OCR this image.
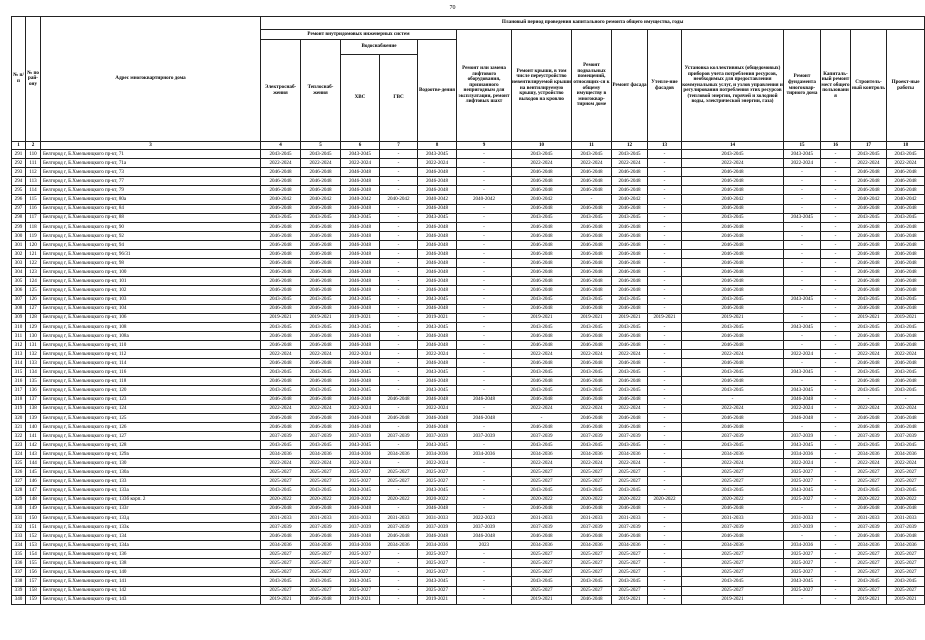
70
№ п/п	№ по рай-ону	Адрес многоквартирного дома	Плановый период проведения капитального ремонта общего имущества, годы														
			Ремонт внутридомовых инженерных систем					Ремонт или замена лифтового оборудования, признанного непригодным для эксплуатации, ремонт лифтовых шахт	Ремонт крыши, в том числе переустройство невентилируемой крыши на вентилируемую крышу, устройство выходов на кровлю	Ремонт подвальных помещений, относящих-ся к общему имуществу в многоквар-тирном доме	Ремонт фасада	Утепле-ние фасадов	Установка коллективных (общедомовых) приборов учета потребления ресурсов, необходимых для предоставления коммунальных услуг, и узлов управления и регулирования потребления этих ресурсов (тепловой энергии, горячей и холодной воды, электрической энергии, газа)	Ремонт фундамента многоквар-тирного дома	Капиталь-ный ремонт мест общего пользовани я	Строитель-ный контроль	Проект-ные работы
			Электроснаб-жения	Теплоснаб-жения	Водоснабжение		Водоотве-дения										
					ХВС	ГВС											
1	2	3	4	5	6	7	8	9	10	11	12	13	14	15	16	17	18
291	110	Белгород г, Б.Хмельницкого пр-кт, 71	2043-2045	2043-2045	2043-2045	-	2043-2045	-	2043-2045	2043-2045	2043-2045	-	2043-2045	2043-2045	-	2043-2045	2043-2045
292	111	Белгород г, Б.Хмельницкого пр-кт, 71а	2022-2024	2022-2024	2022-2024	-	2022-2024	-	2022-2024	2022-2024	2022-2024	-	2022-2024	2022-2024	-	2022-2024	2022-2024
293	112	Белгород г, Б.Хмельницкого пр-кт, 73	2046-2048	2046-2048	2046-2048	-	2046-2048	-	2046-2048	2046-2048	2046-2048	-	2046-2048	-	-	2046-2048	2046-2048
294	113	Белгород г, Б.Хмельницкого пр-кт, 77	2046-2048	2046-2048	2046-2048	-	2046-2048	-	2046-2048	2046-2048	2046-2048	-	2046-2048	-	-	2046-2048	2046-2048
295	114	Белгород г, Б.Хмельницкого пр-кт, 79	2046-2048	2046-2048	2046-2048	-	2046-2048	-	2046-2048	2046-2048	2046-2048	-	2046-2048	-	-	2046-2048	2046-2048
296	115	Белгород г, Б.Хмельницкого пр-кт, 80а	2040-2042	2040-2042	2040-2042	2040-2042	2040-2042	2040-2042	2040-2042	-	2040-2042	-	2040-2042	-	-	2040-2042	2040-2042
297	116	Белгород г, Б.Хмельницкого пр-кт, 84	2046-2048	2046-2048	2046-2048	-	2046-2048	-	2046-2048	2046-2048	2046-2048	-	2046-2048	-	-	2046-2048	2046-2048
298	117	Белгород г, Б.Хмельницкого пр-кт, 88	2043-2045	2043-2045	2043-2045	-	2043-2045	-	2043-2045	2043-2045	2043-2045	-	2043-2045	2043-2045	-	2043-2045	2043-2045
299	118	Белгород г, Б.Хмельницкого пр-кт, 90	2046-2048	2046-2048	2046-2048	-	2046-2048	-	2046-2048	2046-2048	2046-2048	-	2046-2048	-	-	2046-2048	2046-2048
300	119	Белгород г, Б.Хмельницкого пр-кт, 92	2046-2048	2046-2048	2046-2048	-	2046-2048	-	2046-2048	2046-2048	2046-2048	-	2046-2048	-	-	2046-2048	2046-2048
301	120	Белгород г, Б.Хмельницкого пр-кт, 94	2046-2048	2046-2048	2046-2048	-	2046-2048	-	2046-2048	2046-2048	2046-2048	-	2046-2048	-	-	2046-2048	2046-2048
302	121	Белгород г, Б.Хмельницкого пр-кт, 96/31	2046-2048	2046-2048	2046-2048	-	2046-2048	-	2046-2048	2046-2048	2046-2048	-	2046-2048	-	-	2046-2048	2046-2048
303	122	Белгород г, Б.Хмельницкого пр-кт, 98	2046-2048	2046-2048	2046-2048	-	2046-2048	-	2046-2048	2046-2048	2046-2048	-	2046-2048	-	-	2046-2048	2046-2048
304	123	Белгород г, Б.Хмельницкого пр-кт, 100	2046-2048	2046-2048	2046-2048	-	2046-2048	-	2046-2048	2046-2048	2046-2048	-	2046-2048	-	-	2046-2048	2046-2048
305	124	Белгород г, Б.Хмельницкого пр-кт, 101	2046-2048	2046-2048	2046-2048	-	2046-2048	-	2046-2048	2046-2048	2046-2048	-	2046-2048	-	-	2046-2048	2046-2048
306	125	Белгород г, Б.Хмельницкого пр-кт, 102	2046-2048	2046-2048	2046-2048	-	2046-2048	-	2046-2048	2046-2048	2046-2048	-	2046-2048	-	-	2046-2048	2046-2048
307	126	Белгород г, Б.Хмельницкого пр-кт, 103	2043-2045	2043-2045	2043-2045	-	2043-2045	-	2043-2045	2043-2045	2043-2045	-	2043-2045	2043-2045	-	2043-2045	2043-2045
308	127	Белгород г, Б.Хмельницкого пр-кт, 104	2046-2048	2046-2048	2046-2048	-	2046-2048	-	2046-2048	2046-2048	2046-2048	-	2046-2048	-	-	2046-2048	2046-2048
309	128	Белгород г, Б.Хмельницкого пр-кт, 106	2019-2021	2019-2021	2019-2021	-	2019-2021	-	2019-2021	2019-2021	2019-2021	2019-2021	2019-2021	-	-	2019-2021	2019-2021
310	129	Белгород г, Б.Хмельницкого пр-кт, 108	2043-2045	2043-2045	2043-2045	-	2043-2045	-	2043-2045	2043-2045	2043-2045	-	2043-2045	2043-2045	-	2043-2045	2043-2045
311	130	Белгород г, Б.Хмельницкого пр-кт, 108а	2046-2048	2046-2048	2046-2048	-	2046-2048	-	2046-2048	2046-2048	2046-2048	-	2046-2048	-	-	2046-2048	2046-2048
312	131	Белгород г, Б.Хмельницкого пр-кт, 110	2046-2048	2046-2048	2046-2048	-	2046-2048	-	2046-2048	2046-2048	2046-2048	-	2046-2048	-	-	2046-2048	2046-2048
313	132	Белгород г, Б.Хмельницкого пр-кт, 112	2022-2024	2022-2024	2022-2024	-	2022-2024	-	2022-2024	2022-2024	2022-2024	-	2022-2024	2022-2024	-	2022-2024	2022-2024
314	133	Белгород г, Б.Хмельницкого пр-кт, 114	2046-2048	2046-2048	2046-2048	-	2046-2048	-	2046-2048	2046-2048	2046-2048	-	2046-2048	-	-	2046-2048	2046-2048
315	134	Белгород г, Б.Хмельницкого пр-кт, 116	2043-2045	2043-2045	2043-2045	-	2043-2045	-	2043-2045	2043-2045	2043-2045	-	2043-2045	2043-2045	-	2043-2045	2043-2045
316	135	Белгород г, Б.Хмельницкого пр-кт, 118	2046-2048	2046-2048	2046-2048	-	2046-2048	-	2046-2048	2046-2048	2046-2048	-	2046-2048	-	-	2046-2048	2046-2048
317	136	Белгород г, Б.Хмельницкого пр-кт, 120	2043-2045	2043-2045	2043-2045	-	2043-2045	-	2043-2045	2043-2045	2043-2045	-	2043-2045	2043-2045	-	2043-2045	2043-2045
318	137	Белгород г, Б.Хмельницкого пр-кт, 123	2046-2048	2046-2048	2046-2048	2046-2048	2046-2048	2046-2048	2046-2048	2046-2048	2046-2048	-	-	2046-2048	-	-	-
319	138	Белгород г, Б.Хмельницкого пр-кт, 124	2022-2024	2022-2024	2022-2024	-	2022-2024	-	2022-2024	2022-2024	2022-2024	-	2022-2024	2022-2024	-	2022-2024	2022-2024
320	139	Белгород г, Б.Хмельницкого пр-кт, 125	2046-2048	2046-2048	2046-2048	2046-2048	2046-2048	2046-2048	-	2046-2048	2046-2048	-	2046-2048	2046-2048	-	2046-2048	2046-2048
321	140	Белгород г, Б.Хмельницкого пр-кт, 126	2046-2048	2046-2048	2046-2048	-	2046-2048	-	2046-2048	2046-2048	2046-2048	-	2046-2048	-	-	2046-2048	2046-2048
322	141	Белгород г, Б.Хмельницкого пр-кт, 127	2037-2039	2037-2039	2037-2039	2037-2039	2037-2039	2037-2039	2037-2039	2037-2039	2037-2039	-	2037-2039	2037-2039	-	2037-2039	2037-2039
323	142	Белгород г, Б.Хмельницкого пр-кт, 128	2043-2045	2043-2045	2043-2045	-	2043-2045	-	2043-2045	2043-2045	2043-2045	-	2043-2045	2043-2045	-	2043-2045	2043-2045
324	143	Белгород г, Б.Хмельницкого пр-кт, 129а	2034-2036	2034-2036	2034-2036	2034-2036	2034-2036	2034-2036	2034-2036	2034-2036	2034-2036	-	2034-2036	2034-2036	-	2034-2036	2034-2036
325	144	Белгород г, Б.Хмельницкого пр-кт, 130	2022-2024	2022-2024	2022-2024	-	2022-2024	-	2022-2024	2022-2024	2022-2024	-	2022-2024	2022-2024	-	2022-2024	2022-2024
326	145	Белгород г, Б.Хмельницкого пр-кт, 130а	2025-2027	2025-2027	2025-2027	2025-2027	2025-2027	-	2025-2027	2025-2027	2025-2027	-	2025-2027	2025-2027	-	2025-2027	2025-2027
327	146	Белгород г, Б.Хмельницкого пр-кт, 133	2025-2027	2025-2027	2025-2027	2025-2027	2025-2027	-	2025-2027	2025-2027	2025-2027	-	2025-2027	2025-2027	-	2025-2027	2025-2027
328	147	Белгород г, Б.Хмельницкого пр-кт, 133а	2043-2045	2043-2045	2043-2045	-	2043-2045	-	2043-2045	2043-2045	2043-2045	-	2043-2045	2043-2045	-	2043-2045	2043-2045
329	148	Белгород г, Б.Хмельницкого пр-кт, 133б корп. 2	2020-2022	2020-2022	2020-2022	2020-2022	2020-2022	-	2020-2022	2020-2022	2020-2022	2020-2022	2020-2022	2025-2027	-	2020-2022	2020-2022
330	149	Белгород г, Б.Хмельницкого пр-кт, 133г	2046-2048	2046-2048	2046-2048	-	2046-2048	-	2046-2048	2046-2048	2046-2048	-	2046-2048	-	-	2046-2048	2046-2048
331	150	Белгород г, Б.Хмельницкого пр-кт, 133д	2031-2033	2031-2033	2031-2033	2031-2033	2031-2033	2022-2023	2031-2033	2031-2033	2031-2033	-	2031-2033	2031-2033	-	2031-2033	2031-2033
332	151	Белгород г, Б.Хмельницкого пр-кт, 133к	2037-2039	2037-2039	2037-2039	2037-2039	2037-2039	2037-2039	2037-2039	2037-2039	2037-2039	-	2037-2039	2037-2039	-	2037-2039	2037-2039
333	152	Белгород г, Б.Хмельницкого пр-кт, 134	2046-2048	2046-2048	2046-2048	2046-2048	2046-2048	2046-2048	2046-2048	2046-2048	2046-2048	-	2046-2048	-	-	2046-2048	2046-2048
334	153	Белгород г, Б.Хмельницкого пр-кт, 134а	2034-2036	2034-2036	2034-2036	2034-2036	2034-2036	2023	2034-2036	2034-2036	2034-2036	-	2034-2036	2034-2036	-	2034-2036	2034-2036
335	154	Белгород г, Б.Хмельницкого пр-кт, 136	2025-2027	2025-2027	2025-2027	-	2025-2027	-	2025-2027	2025-2027	2025-2027	-	2025-2027	2025-2027	-	2025-2027	2025-2027
336	155	Белгород г, Б.Хмельницкого пр-кт, 138	2025-2027	2025-2027	2025-2027	-	2025-2027	-	2025-2027	2025-2027	2025-2027	-	2025-2027	2025-2027	-	2025-2027	2025-2027
337	156	Белгород г, Б.Хмельницкого пр-кт, 140	2025-2027	2025-2027	2025-2027	-	2025-2027	-	2025-2027	2025-2027	2025-2027	-	2025-2027	2025-2027	-	2025-2027	2025-2027
338	157	Белгород г, Б.Хмельницкого пр-кт, 141	2043-2045	2043-2045	2043-2045	-	2043-2045	-	2043-2045	2043-2045	2043-2045	-	2043-2045	2043-2045	-	2043-2045	2043-2045
339	158	Белгород г, Б.Хмельницкого пр-кт, 142	2025-2027	2025-2027	2025-2027	-	2025-2027	-	2025-2027	2025-2027	2025-2027	-	2025-2027	2025-2027	-	2025-2027	2025-2027
340	159	Белгород г, Б.Хмельницкого пр-кт, 143	2019-2021	2046-2048	2019-2021	-	2019-2021	-	2019-2021	2046-2048	2019-2021	-	2019-2021	-	-	2019-2021	2019-2021
